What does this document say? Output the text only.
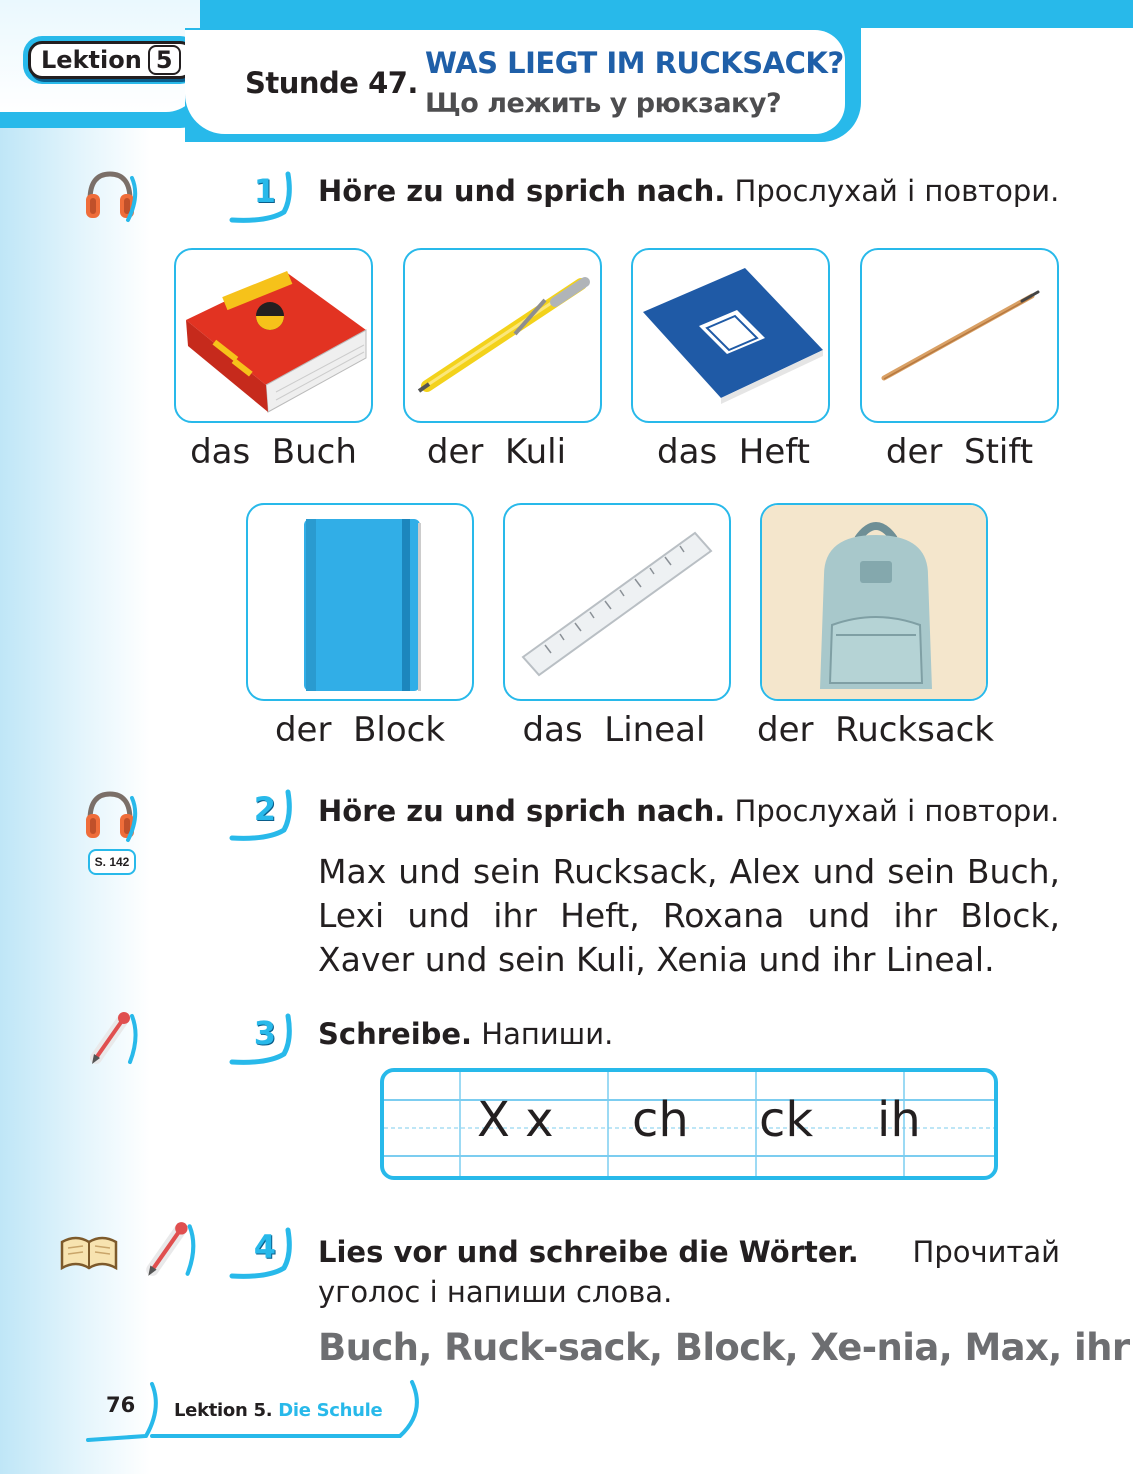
Lektion 5
Stunde 47.
WAS LIEGT IM RUCKSACK?
Що лежить у рюкзаку?
1 Höre zu und sprich nach. Прослухай і повтори.
das  Buch	der  Kuli	das  Heft	der  Stift
der  Block	das  Lineal	der  Rucksack
S. 142
2 Höre zu und sprich nach. Прослухай і повтори.
Max und sein Rucksack, Alex und sein Buch, Lexi und ihr Heft, Roxana und ihr Block, Xaver und sein Kuli, Xenia und ihr Lineal.
3 Schreibe. Напиши.
X x ch ck ih
4 Lies vor und schreibe die Wörter. Прочитай
уголос і напиши слова.
Buch, Ruck-sack, Block, Xe-nia, Max, ihr
76 Lektion 5. Die Schule
